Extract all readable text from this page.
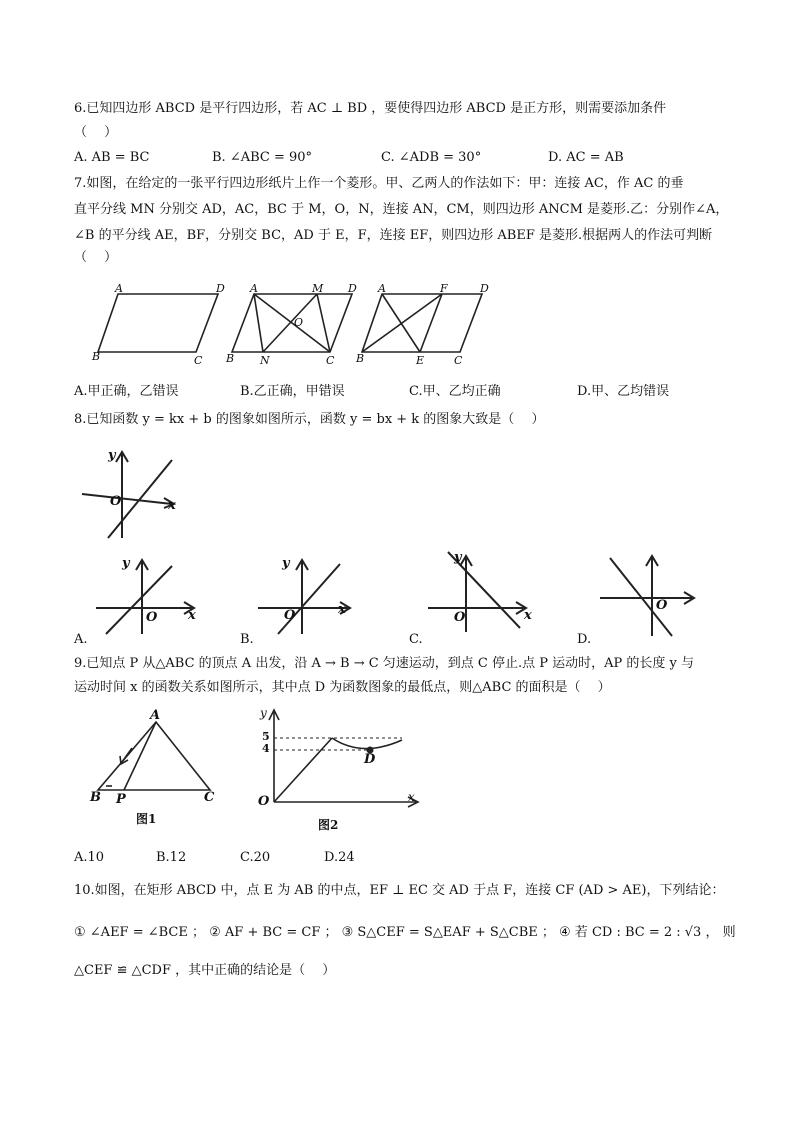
6.已知四边形 ABCD 是平行四边形，若 AC ⊥ BD ，要使得四边形 ABCD 是正方形，则需要添加条件
（　 ）
A. AB = BC	B. ∠ABC = 90°	C. ∠ADB = 30°	D. AC = AB
7.如图，在给定的一张平行四边形纸片上作一个菱形。甲、乙两人的作法如下：甲：连接 AC，作 AC 的垂
直平分线 MN 分别交 AD，AC，BC 于 M，O，N，连接 AN，CM，则四边形 ANCM 是菱形.乙：分别作∠A，
∠B 的平分线 AE，BF，分别交 BC，AD 于 E，F，连接 EF，则四边形 ABEF 是菱形.根据两人的作法可判断
（　 ）
A	D
B	C
A	M D
O
B N	C
A	F	D
B	E	C
A.甲正确，乙错误	B.乙正确，甲错误	C.甲、乙均正确	D.甲、乙均错误
8.已知函数 y = kx + b 的图象如图所示，函数 y = bx + k 的图象大致是（　 ）
y
x
O
y
x
O
y
x
O
y
x
O
O
A.	B.	C.	D.
9.已知点 P 从△ABC 的顶点 A 出发，沿 A → B → C 匀速运动，到点 C 停止.点 P 运动时，AP 的长度 y 与
运动时间 x 的函数关系如图所示，其中点 D 为函数图象的最低点，则△ABC 的面积是（　 ）
A
B P	C
图1
y
x
O
5
4
D
图2
A.10	B.12	C.20	D.24
10.如图，在矩形 ABCD 中，点 E 为 AB 的中点，EF ⊥ EC 交 AD 于点 F，连接 CF (AD > AE)，下列结论：
① ∠AEF = ∠BCE ； ② AF + BC = CF ； ③ S△CEF = S△EAF + S△CBE ； ④ 若 CD : BC = 2 : √3 ， 则
△CEF ≌ △CDF ，其中正确的结论是（　 ）
